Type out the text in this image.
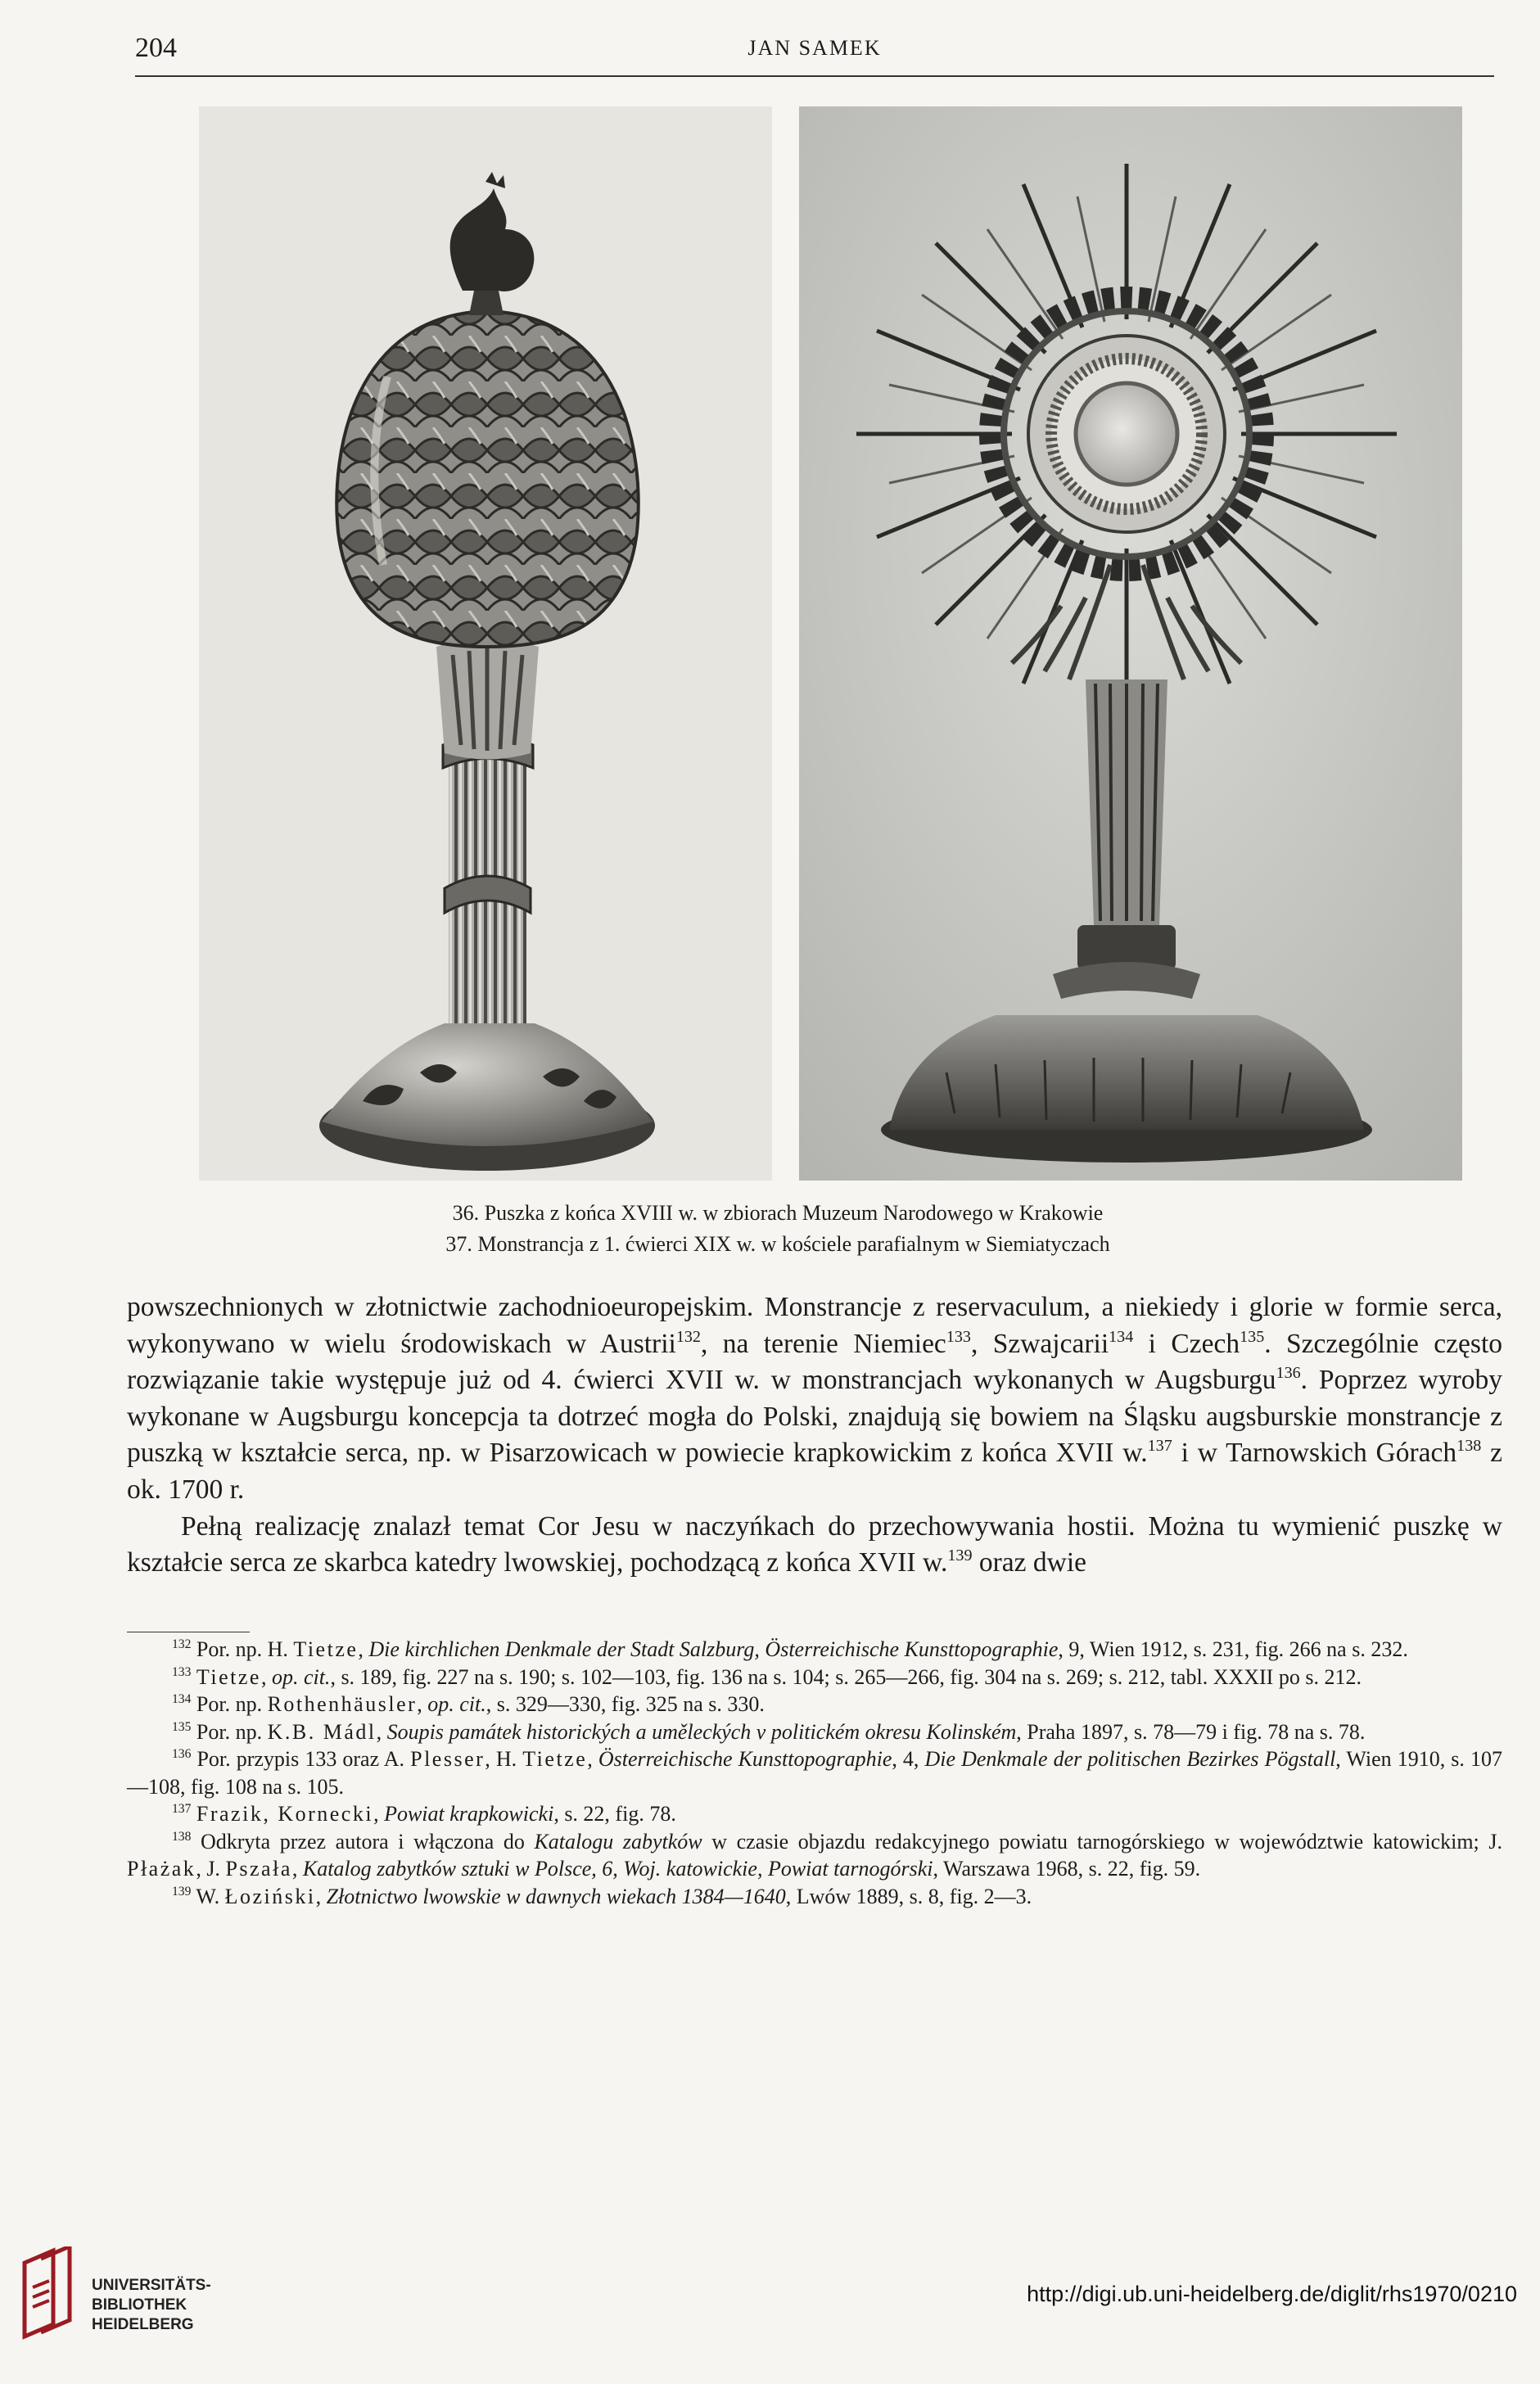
204	JAN SAMEK
36. Puszka z końca XVIII w. w zbiorach Muzeum Narodowego w Krakowie
37. Monstrancja z 1. ćwierci XIX w. w kościele parafialnym w Siemiatyczach

powszechnionych w złotnictwie zachodnioeuropejskim. Monstrancje z reservaculum, a niekiedy i glorie w formie serca, wykonywano w wielu środowiskach w Austrii$^{132}$, na terenie Niemiec$^{133}$, Szwajcarii$^{134}$ i Czech$^{135}$. Szczególnie często rozwiązanie takie występuje już od 4. ćwierci XVII w. w monstrancjach wykonanych w Augsburgu$^{136}$. Poprzez wyroby wykonane w Augsburgu koncepcja ta dotrzeć mogła do Polski, znajdują się bowiem na Śląsku augsburskie monstrancje z puszką w kształcie serca, np. w Pisarzowicach w powiecie krapkowickim z końca XVII w.$^{137}$ i w Tarnowskich Górach$^{138}$ z ok. 1700 r.

Pełną realizację znalazł temat Cor Jesu w naczyńkach do przechowywania hostii. Można tu wymienić puszkę w kształcie serca ze skarbca katedry lwowskiej, pochodzącą z końca XVII w.$^{139}$ oraz dwie

$^{132}$ Por. np. H. Tietze, Die kirchlichen Denkmale der Stadt Salzburg, Österreichische Kunsttopographie, 9, Wien 1912, s. 231, fig. 266 na s. 232.

$^{133}$ Tietze, op. cit., s. 189, fig. 227 na s. 190; s. 102—103, fig. 136 na s. 104; s. 265—266, fig. 304 na s. 269; s. 212, tabl. XXXII po s. 212.

$^{134}$ Por. np. Rothenhäusler, op. cit., s. 329—330, fig. 325 na s. 330.

$^{135}$ Por. np. K.B. Mádl, Soupis památek historických a uměleckých v politickém okresu Kolinském, Praha 1897, s. 78—79 i fig. 78 na s. 78.

$^{136}$ Por. przypis 133 oraz A. Plesser, H. Tietze, Österreichische Kunsttopographie, 4, Die Denkmale der politischen Bezirkes Pögstall, Wien 1910, s. 107—108, fig. 108 na s. 105.

$^{137}$ Frazik, Kornecki, Powiat krapkowicki, s. 22, fig. 78.

$^{138}$ Odkryta przez autora i włączona do Katalogu zabytków w czasie objazdu redakcyjnego powiatu tarnogórskiego w województwie katowickim; J. Płażak, J. Pszała, Katalog zabytków sztuki w Polsce, 6, Woj. katowickie, Powiat tarnogórski, Warszawa 1968, s. 22, fig. 59.

$^{139}$ W. Łoziński, Złotnictwo lwowskie w dawnych wiekach 1384—1640, Lwów 1889, s. 8, fig. 2—3.

UNIVERSITÄTS-
BIBLIOTHEK
HEIDELBERG
http://digi.ub.uni-heidelberg.de/diglit/rhs1970/0210
